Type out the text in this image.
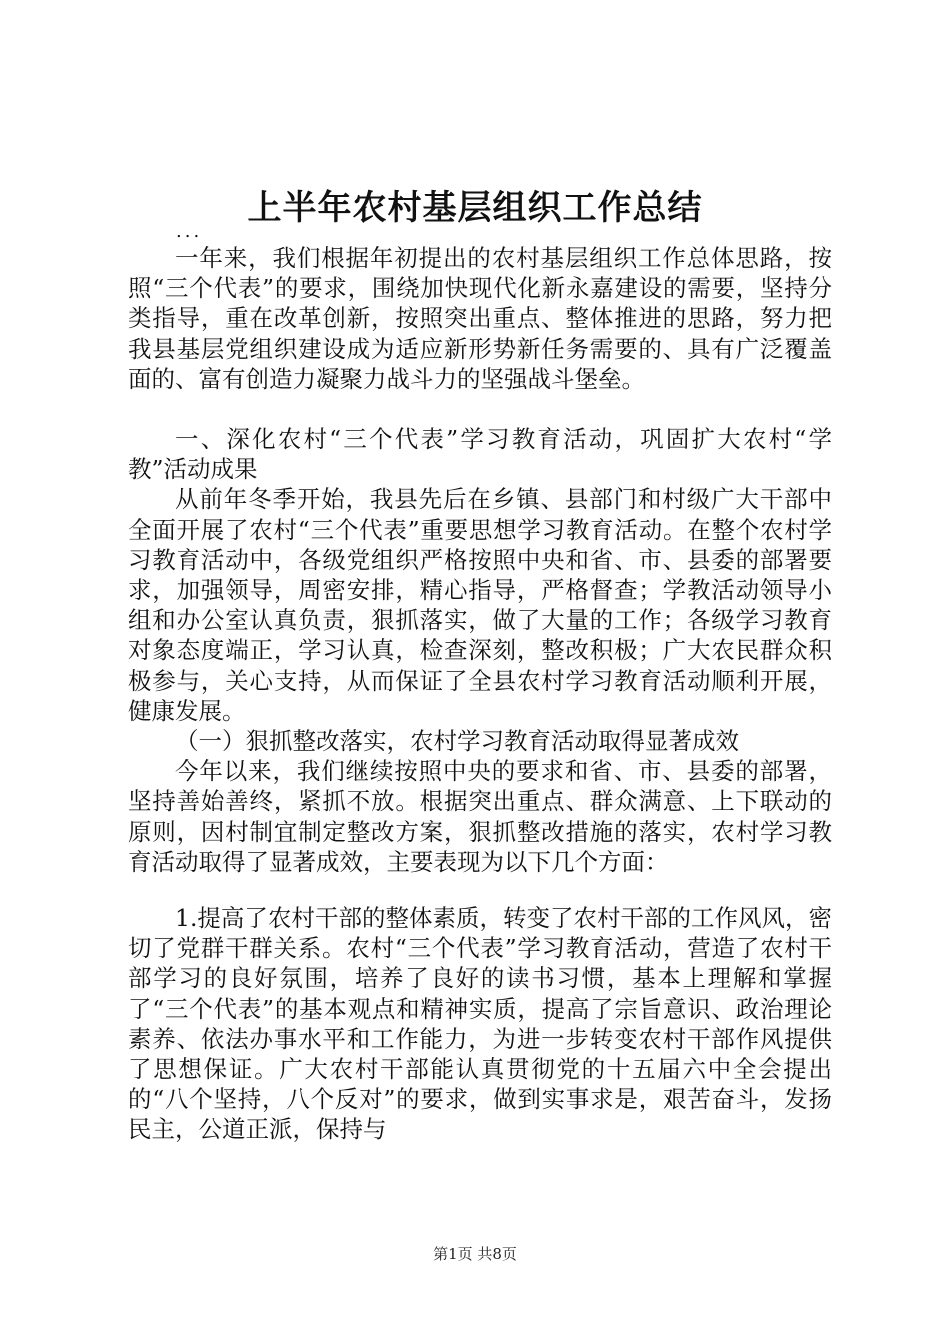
上半年农村基层组织工作总结
...

一年来，我们根据年初提出的农村基层组织工作总体思路，按照“三个代表”的要求，围绕加快现代化新永嘉建设的需要，坚持分类指导，重在改革创新，按照突出重点、整体推进的思路，努力把我县基层党组织建设成为适应新形势新任务需要的、具有广泛覆盖面的、富有创造力凝聚力战斗力的坚强战斗堡垒。

一、深化农村“三个代表”学习教育活动，巩固扩大农村“学教”活动成果

从前年冬季开始，我县先后在乡镇、县部门和村级广大干部中全面开展了农村“三个代表”重要思想学习教育活动。在整个农村学习教育活动中，各级党组织严格按照中央和省、市、县委的部署要求，加强领导，周密安排，精心指导，严格督查；学教活动领导小组和办公室认真负责，狠抓落实，做了大量的工作；各级学习教育对象态度端正，学习认真，检查深刻，整改积极；广大农民群众积极参与，关心支持，从而保证了全县农村学习教育活动顺利开展，健康发展。

（一）狠抓整改落实，农村学习教育活动取得显著成效

今年以来，我们继续按照中央的要求和省、市、县委的部署，坚持善始善终，紧抓不放。根据突出重点、群众满意、上下联动的原则，因村制宜制定整改方案，狠抓整改措施的落实，农村学习教育活动取得了显著成效，主要表现为以下几个方面：

1.提高了农村干部的整体素质，转变了农村干部的工作风风，密切了党群干群关系。农村“三个代表”学习教育活动，营造了农村干部学习的良好氛围，培养了良好的读书习惯，基本上理解和掌握了“三个代表”的基本观点和精神实质，提高了宗旨意识、政治理论素养、依法办事水平和工作能力，为进一步转变农村干部作风提供了思想保证。广大农村干部能认真贯彻党的十五届六中全会提出的“八个坚持，八个反对”的要求，做到实事求是，艰苦奋斗，发扬民主，公道正派，保持与

第1页 共8页
